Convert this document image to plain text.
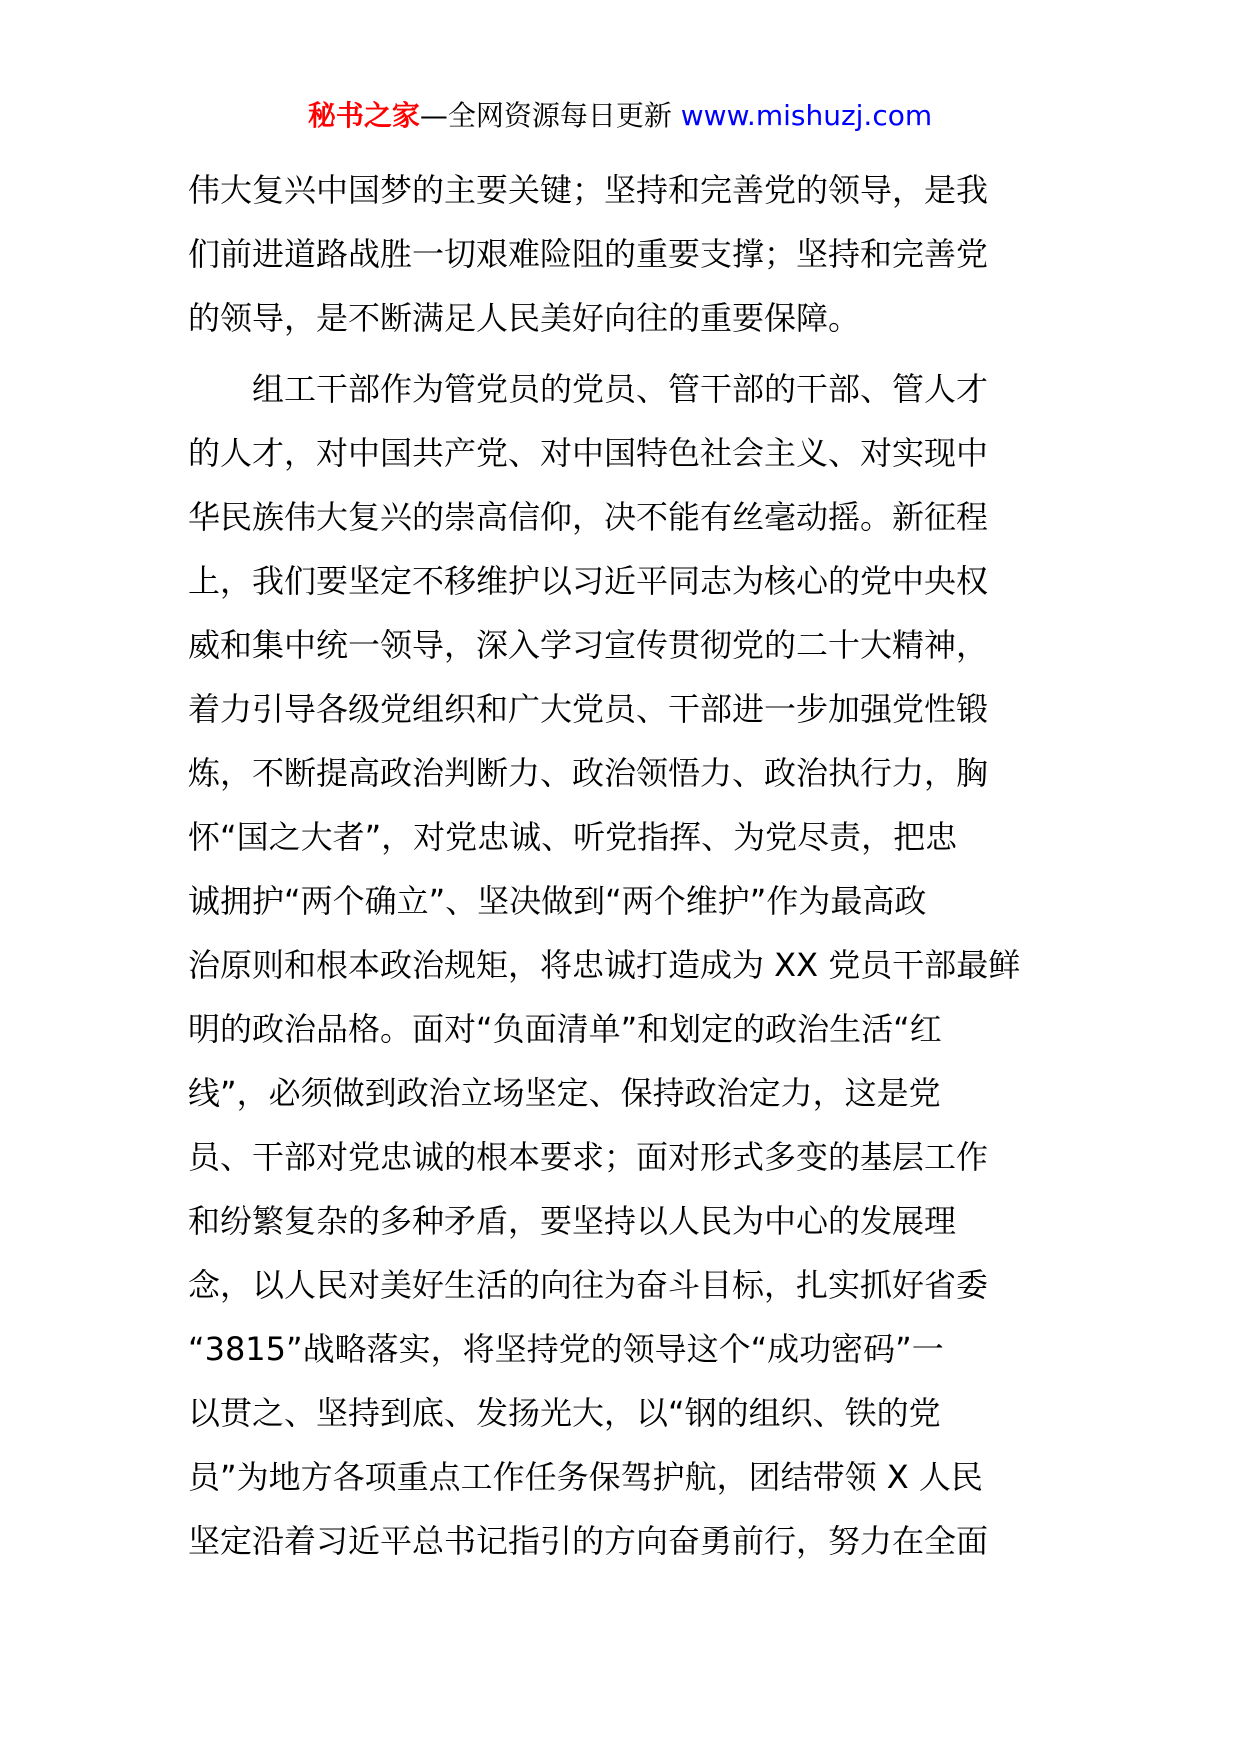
秘书之家—全网资源每日更新 www.mishuzj.com
伟大复兴中国梦的主要关键；坚持和完善党的领导，是我
们前进道路战胜一切艰难险阻的重要支撑；坚持和完善党
的领导，是不断满足人民美好向往的重要保障。
　　组工干部作为管党员的党员、管干部的干部、管人才
的人才，对中国共产党、对中国特色社会主义、对实现中
华民族伟大复兴的崇高信仰，决不能有丝毫动摇。新征程
上，我们要坚定不移维护以习近平同志为核心的党中央权
威和集中统一领导，深入学习宣传贯彻党的二十大精神，
着力引导各级党组织和广大党员、干部进一步加强党性锻
炼，不断提高政治判断力、政治领悟力、政治执行力，胸
怀“国之大者”，对党忠诚、听党指挥、为党尽责，把忠
诚拥护“两个确立”、坚决做到“两个维护”作为最高政
治原则和根本政治规矩，将忠诚打造成为 XX 党员干部最鲜
明的政治品格。面对“负面清单”和划定的政治生活“红
线”，必须做到政治立场坚定、保持政治定力，这是党
员、干部对党忠诚的根本要求；面对形式多变的基层工作
和纷繁复杂的多种矛盾，要坚持以人民为中心的发展理
念，以人民对美好生活的向往为奋斗目标，扎实抓好省委
“3815”战略落实，将坚持党的领导这个“成功密码”一
以贯之、坚持到底、发扬光大，以“钢的组织、铁的党
员”为地方各项重点工作任务保驾护航，团结带领 X 人民
坚定沿着习近平总书记指引的方向奋勇前行，努力在全面
